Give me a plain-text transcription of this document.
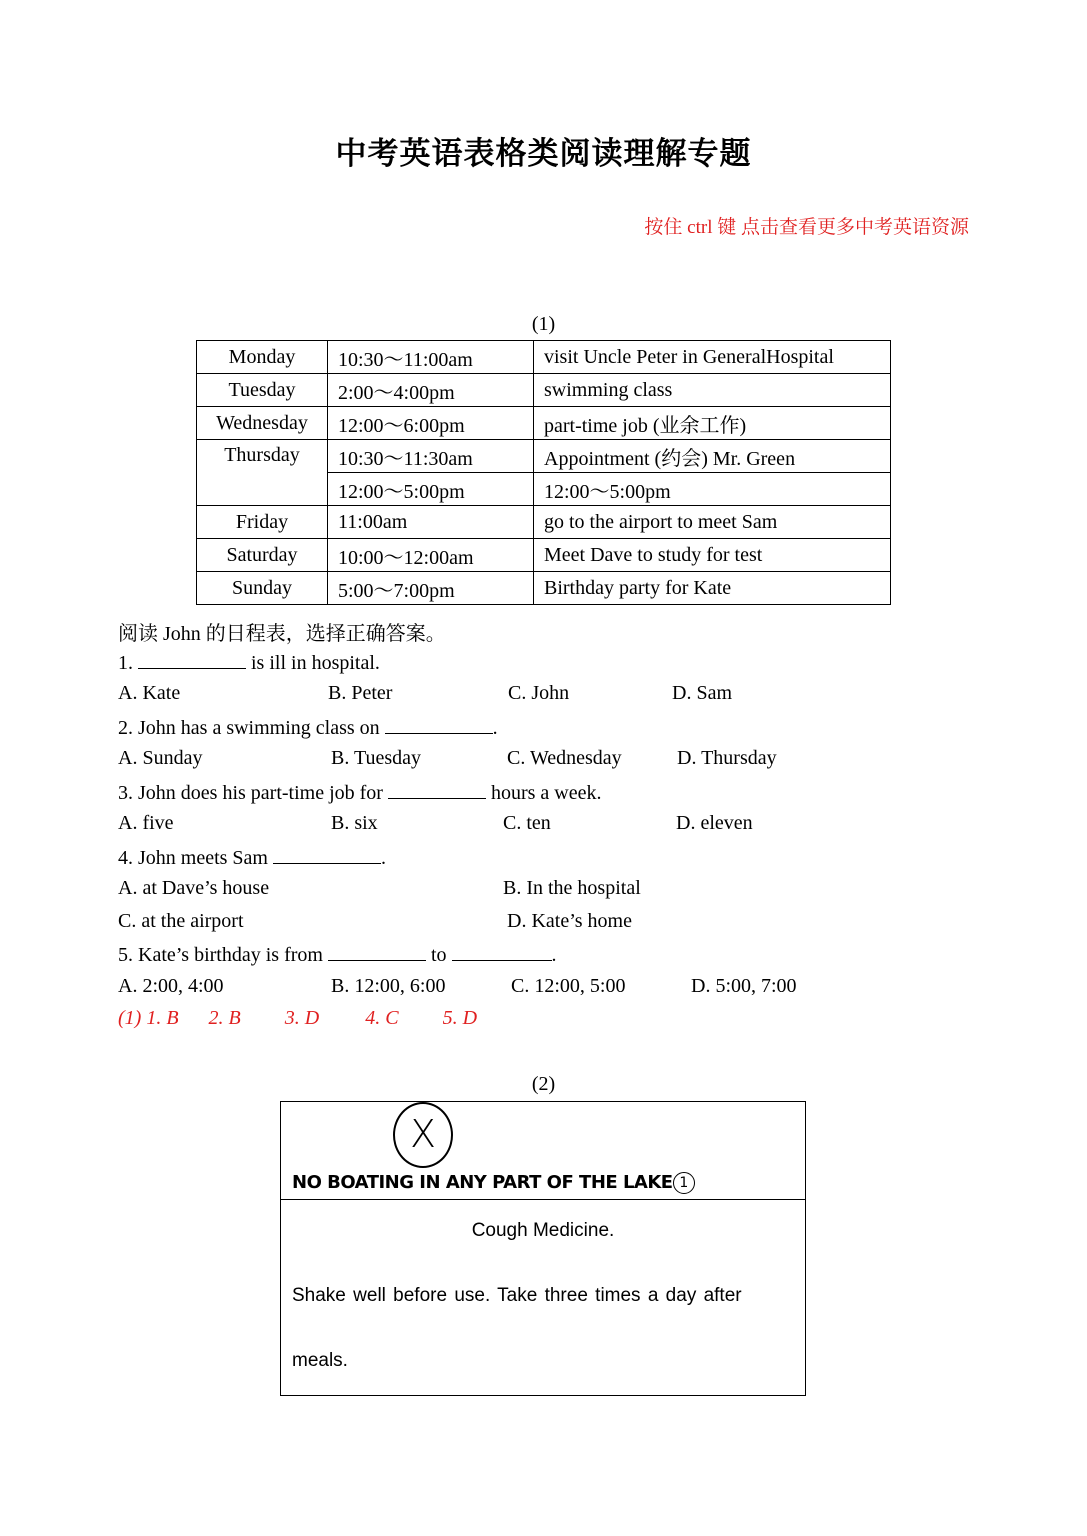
中考英语表格类阅读理解专题
按住 ctrl 键 点击查看更多中考英语资源
(1)
Monday	10:30～11:00am	visit Uncle Peter in GeneralHospital
Tuesday	2:00～4:00pm	swimming class
Wednesday	12:00～6:00pm	part-time job (业余工作)
Thursday	10:30～11:30am	Appointment (约会) Mr. Green
	12:00～5:00pm	12:00～5:00pm
Friday	11:00am	go to the airport to meet Sam
Saturday	10:00～12:00am	Meet Dave to study for test
Sunday	5:00～7:00pm	Birthday party for Kate
阅读 John 的日程表，选择正确答案。
1.	is ill in hospital.
A. Kate	B. Peter	C. John	D. Sam
2. John has a swimming class on	.
A. Sunday	B. Tuesday	C. Wednesday	D. Thursday
3. John does his part-time job for	hours a week.
A. five	B. six	C. ten	D. eleven
4. John meets Sam	.
A. at Dave’s house	B. In the hospital
C. at the airport	D. Kate’s home
5. Kate’s birthday is from	to	.
A. 2:00, 4:00	B. 12:00, 6:00	C. 12:00, 5:00	D. 5:00, 7:00
(1) 1. B 2. B 3. D 4. C 5. D
(2)
X
NO BOATING IN ANY PART OF THE LAKE 1
Cough Medicine.
Shake well before use. Take three times a day after
meals.
